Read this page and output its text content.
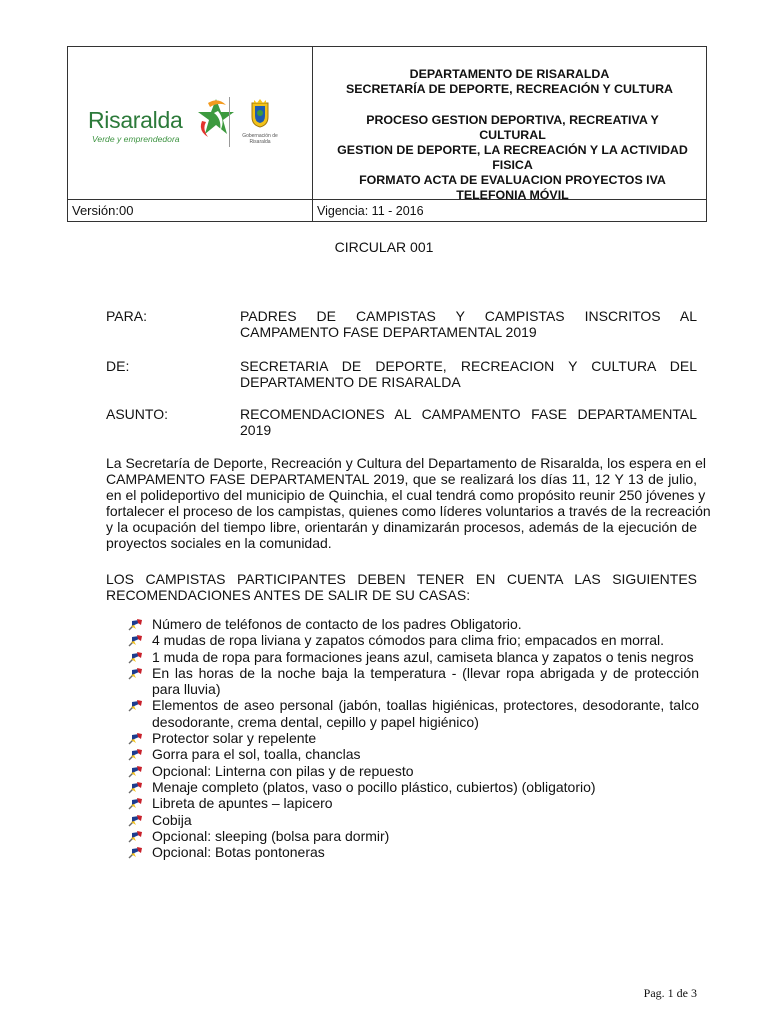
Risaralda
Verde y emprendedora	Gobernación de Risaralda
DEPARTAMENTO DE RISARALDA
SECRETARÍA DE DEPORTE, RECREACIÓN Y CULTURA
PROCESO GESTION DEPORTIVA, RECREATIVA Y
CULTURAL
GESTION DE DEPORTE, LA RECREACIÓN Y LA ACTIVIDAD
FISICA
FORMATO ACTA DE EVALUACION PROYECTOS IVA
TELEFONIA MÓVIL
Versión:00	Vigencia: 11 - 2016
CIRCULAR 001
PARA:	PADRES DE CAMPISTAS Y CAMPISTAS INSCRITOS AL CAMPAMENTO FASE DEPARTAMENTAL 2019
DE:	SECRETARIA DE DEPORTE, RECREACION Y CULTURA DEL DEPARTAMENTO DE RISARALDA
ASUNTO:	RECOMENDACIONES AL CAMPAMENTO FASE DEPARTAMENTAL 2019
La Secretaría de Deporte, Recreación y Cultura del Departamento de Risaralda, los espera en el
CAMPAMENTO FASE DEPARTAMENTAL 2019, que se realizará los días 11, 12 Y 13 de julio,
en el polideportivo del municipio de Quinchia, el cual tendrá como propósito reunir 250 jóvenes y
fortalecer el proceso de los campistas, quienes como líderes voluntarios a través de la recreación
y la ocupación del tiempo libre, orientarán y dinamizarán procesos, además de la ejecución de
proyectos sociales en la comunidad.
LOS CAMPISTAS PARTICIPANTES DEBEN TENER EN CUENTA LAS SIGUIENTES
RECOMENDACIONES ANTES DE SALIR DE SU CASAS:
Número de teléfonos de contacto de los padres Obligatorio.
4 mudas de ropa liviana y zapatos cómodos para clima frio; empacados en morral.
1 muda de ropa para formaciones jeans azul, camiseta blanca y zapatos o tenis negros
En las horas de la noche baja la temperatura - (llevar ropa abrigada y de protección para lluvia)
Elementos de aseo personal (jabón, toallas higiénicas, protectores, desodorante, talco desodorante, crema dental, cepillo y papel higiénico)
Protector solar y repelente
Gorra para el sol, toalla, chanclas
Opcional: Linterna con pilas y de repuesto
Menaje completo (platos, vaso o pocillo plástico, cubiertos) (obligatorio)
Libreta de apuntes – lapicero
Cobija
Opcional: sleeping (bolsa para dormir)
Opcional: Botas pontoneras
Pag. 1 de 3
